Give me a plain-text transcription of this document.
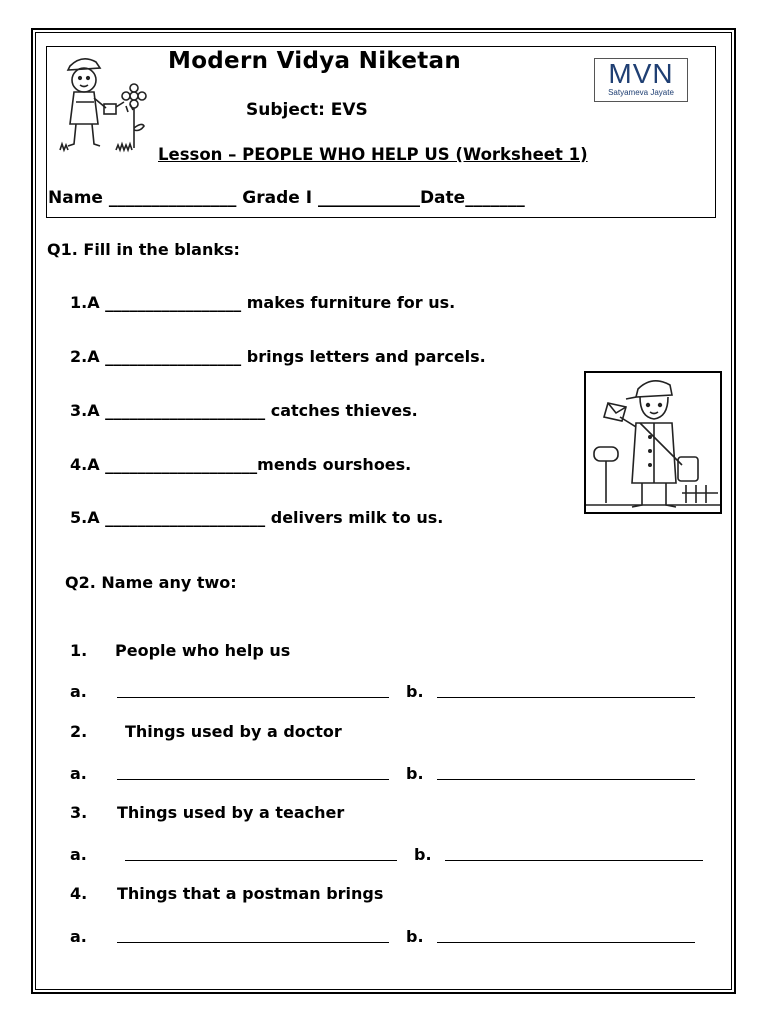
Modern Vidya Niketan	MVN
Satyameva Jayate
Subject: EVS
Lesson – PEOPLE WHO HELP US (Worksheet 1)
Name _______________ Grade I ____________Date_______
Q1. Fill in the blanks:
1.A _________________ makes furniture for us.
2.A _________________ brings letters and parcels.
3.A ____________________ catches thieves.
4.A ___________________mends ourshoes.
5.A ____________________ delivers milk to us.
Q2. Name any two:
1. People who help us
a.	b.
2. Things used by a doctor
a.	b.
3. Things used by a teacher
a.	b.
4. Things that a postman brings
a.	b.
